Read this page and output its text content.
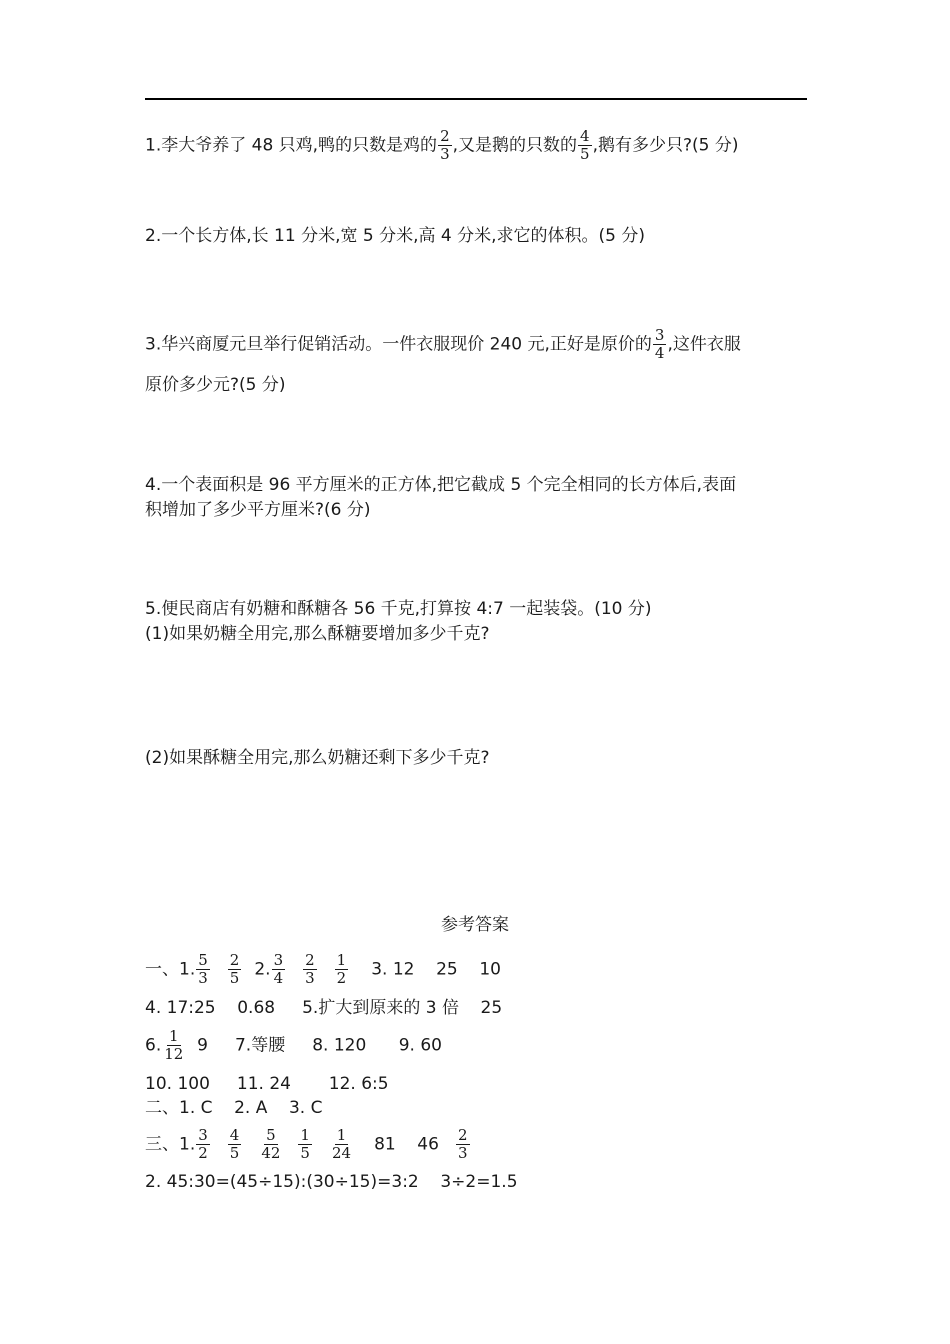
1.李大爷养了 48 只鸡,鸭的只数是鸡的 $\frac{2}{3}$ ,又是鹅的只数的 $\frac{4}{5}$ ,鹅有多少只?(5 分)
2.一个长方体,长 11 分米,宽 5 分米,高 4 分米,求它的体积。(5 分)
3.华兴商厦元旦举行促销活动。一件衣服现价 240 元,正好是原价的 $\frac{3}{4}$ ,这件衣服
原价多少元?(5 分)
4.一个表面积是 96 平方厘米的正方体,把它截成 5 个完全相同的长方体后,表面
积增加了多少平方厘米?(6 分)
5.便民商店有奶糖和酥糖各 56 千克,打算按 4:7 一起装袋。(10 分)
(1)如果奶糖全用完,那么酥糖要增加多少千克?
(2)如果酥糖全用完,那么奶糖还剩下多少千克?
参考答案
一、1. $\frac{5}{3} \frac{2}{5} 2$. $\frac{3}{4} \frac{2}{3} \frac{1}{2} 3$. 12    25    10
4. 17:25    0.68     5.扩大到原来的 3 倍    25
6. $\frac{1}{12} 9$     7.等腰     8. 120      9. 60
10. 100     11. 24       12. 6:5
二、1. C    2. A    3. C
三、1. $\frac{3}{2} \frac{4}{5} \frac{5}{42} \frac{1}{5} \frac{1}{24} 81$    $46 \frac{2}{3}$
2. 45:30=(45÷15):(30÷15)=3:2    3÷2=1.5
